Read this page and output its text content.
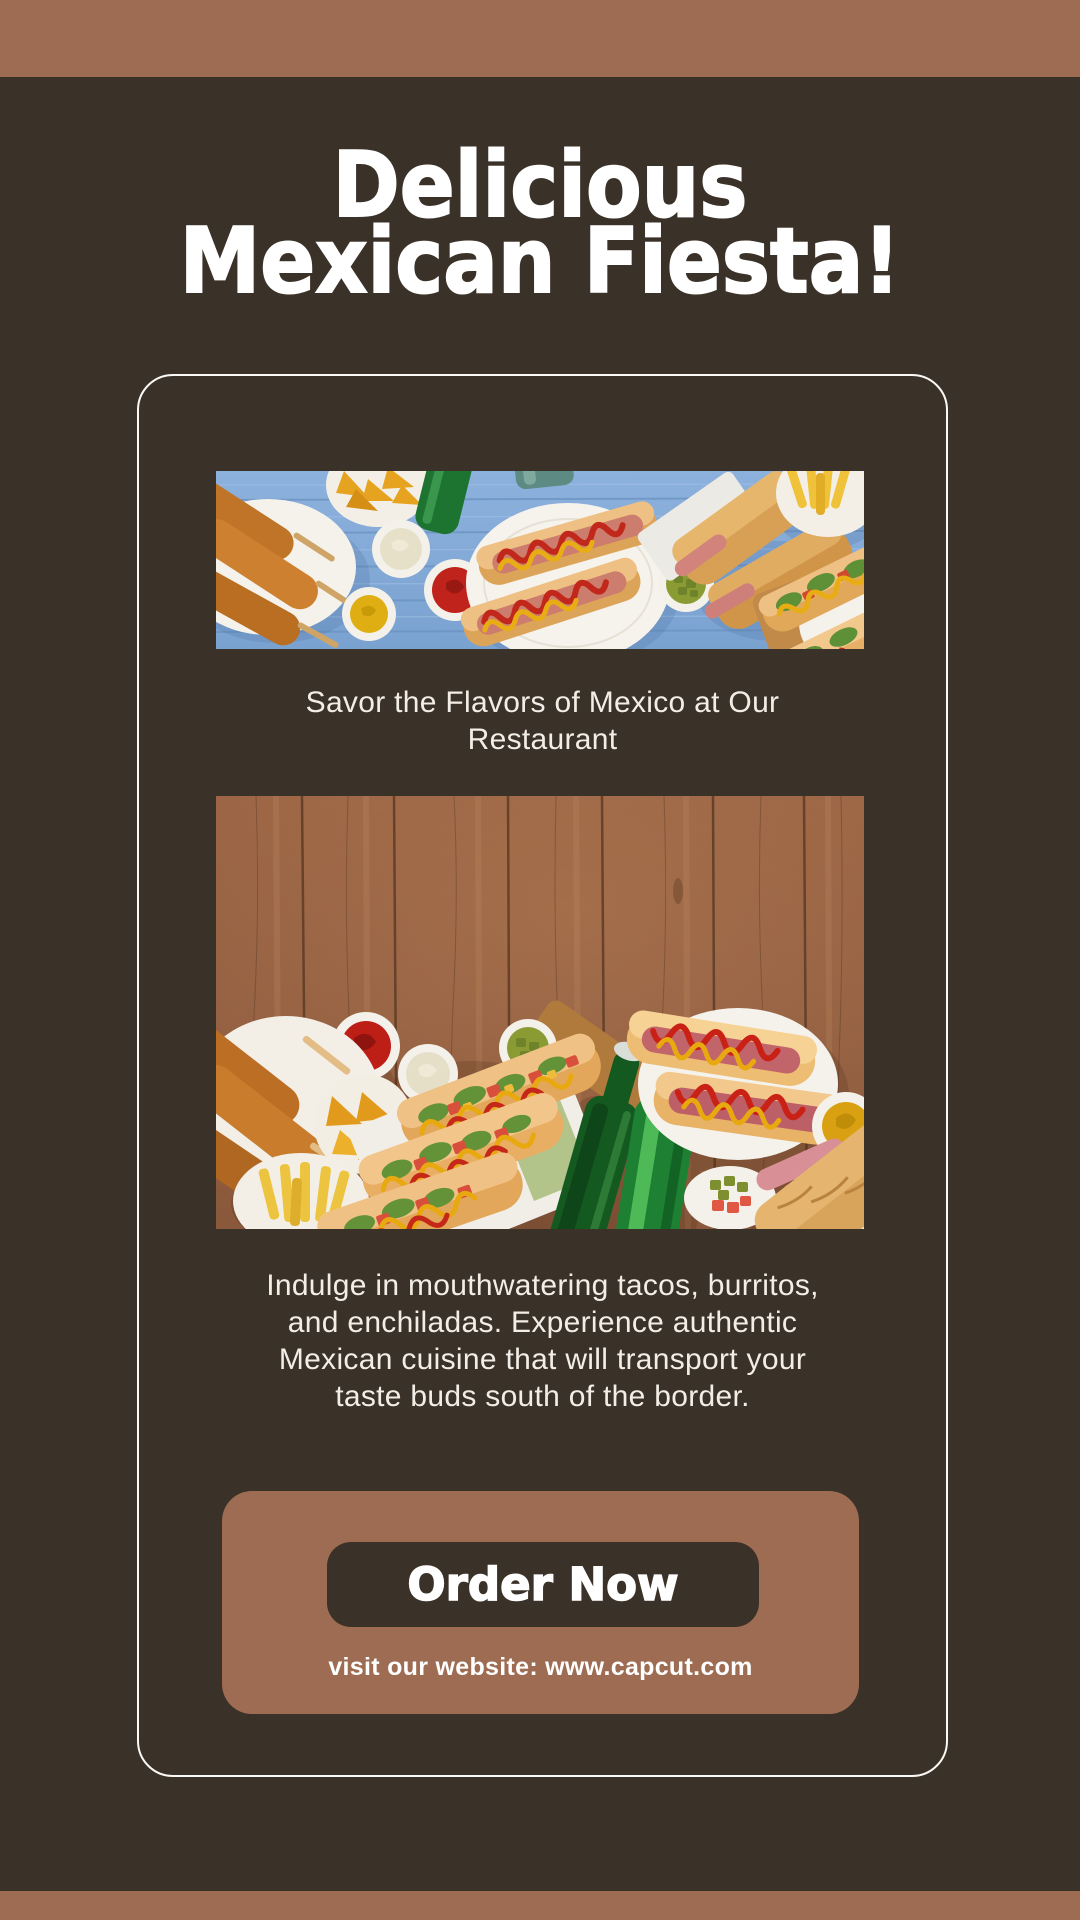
Delicious
Mexican Fiesta!
Savor the Flavors of Mexico at Our
Restaurant
Indulge in mouthwatering tacos, burritos,
and enchiladas. Experience authentic
Mexican cuisine that will transport your
taste buds south of the border.
Order Now
visit our website: www.capcut.com
